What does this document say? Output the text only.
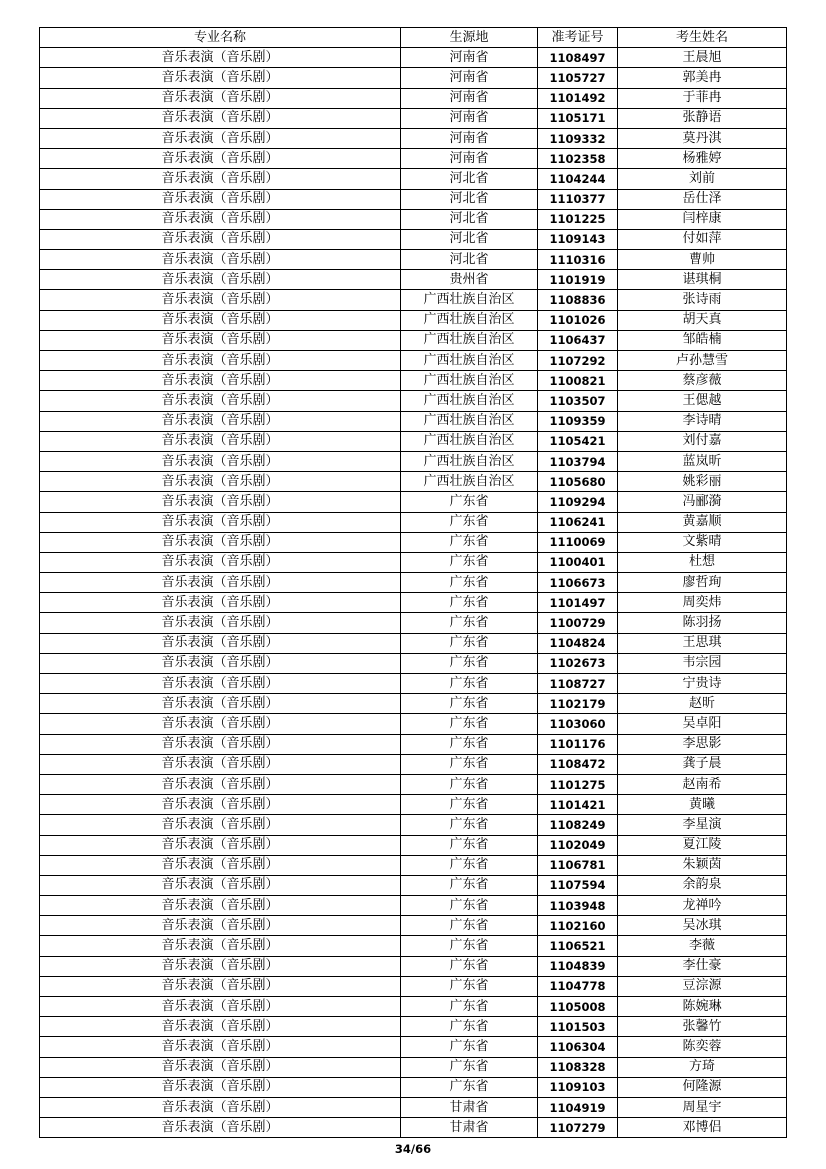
专业名称	生源地	准考证号	考生姓名
音乐表演（音乐剧）	河南省	1108497	王晨旭
音乐表演（音乐剧）	河南省	1105727	郭美冉
音乐表演（音乐剧）	河南省	1101492	于菲冉
音乐表演（音乐剧）	河南省	1105171	张静语
音乐表演（音乐剧）	河南省	1109332	莫丹淇
音乐表演（音乐剧）	河南省	1102358	杨雅婷
音乐表演（音乐剧）	河北省	1104244	刘前
音乐表演（音乐剧）	河北省	1110377	岳仕泽
音乐表演（音乐剧）	河北省	1101225	闫梓康
音乐表演（音乐剧）	河北省	1109143	付如萍
音乐表演（音乐剧）	河北省	1110316	曹帅
音乐表演（音乐剧）	贵州省	1101919	谌琪桐
音乐表演（音乐剧）	广西壮族自治区	1108836	张诗雨
音乐表演（音乐剧）	广西壮族自治区	1101026	胡天真
音乐表演（音乐剧）	广西壮族自治区	1106437	邹皓楠
音乐表演（音乐剧）	广西壮族自治区	1107292	卢孙慧雪
音乐表演（音乐剧）	广西壮族自治区	1100821	蔡彦薇
音乐表演（音乐剧）	广西壮族自治区	1103507	王偲越
音乐表演（音乐剧）	广西壮族自治区	1109359	李诗晴
音乐表演（音乐剧）	广西壮族自治区	1105421	刘付嘉
音乐表演（音乐剧）	广西壮族自治区	1103794	蓝岚昕
音乐表演（音乐剧）	广西壮族自治区	1105680	姚彩丽
音乐表演（音乐剧）	广东省	1109294	冯郦漪
音乐表演（音乐剧）	广东省	1106241	黄嘉顺
音乐表演（音乐剧）	广东省	1110069	文紫晴
音乐表演（音乐剧）	广东省	1100401	杜想
音乐表演（音乐剧）	广东省	1106673	廖哲珣
音乐表演（音乐剧）	广东省	1101497	周奕炜
音乐表演（音乐剧）	广东省	1100729	陈羽扬
音乐表演（音乐剧）	广东省	1104824	王思琪
音乐表演（音乐剧）	广东省	1102673	韦宗园
音乐表演（音乐剧）	广东省	1108727	宁贵诗
音乐表演（音乐剧）	广东省	1102179	赵昕
音乐表演（音乐剧）	广东省	1103060	吴卓阳
音乐表演（音乐剧）	广东省	1101176	李思影
音乐表演（音乐剧）	广东省	1108472	龚子晨
音乐表演（音乐剧）	广东省	1101275	赵南希
音乐表演（音乐剧）	广东省	1101421	黄曦
音乐表演（音乐剧）	广东省	1108249	李星演
音乐表演（音乐剧）	广东省	1102049	夏江陵
音乐表演（音乐剧）	广东省	1106781	朱颖茵
音乐表演（音乐剧）	广东省	1107594	余韵泉
音乐表演（音乐剧）	广东省	1103948	龙禅吟
音乐表演（音乐剧）	广东省	1102160	吴冰琪
音乐表演（音乐剧）	广东省	1106521	李薇
音乐表演（音乐剧）	广东省	1104839	李仕豪
音乐表演（音乐剧）	广东省	1104778	豆淙源
音乐表演（音乐剧）	广东省	1105008	陈婉琳
音乐表演（音乐剧）	广东省	1101503	张馨竹
音乐表演（音乐剧）	广东省	1106304	陈奕蓉
音乐表演（音乐剧）	广东省	1108328	方琦
音乐表演（音乐剧）	广东省	1109103	何隆源
音乐表演（音乐剧）	甘肃省	1104919	周星宇
音乐表演（音乐剧）	甘肃省	1107279	邓博侣
34/66
